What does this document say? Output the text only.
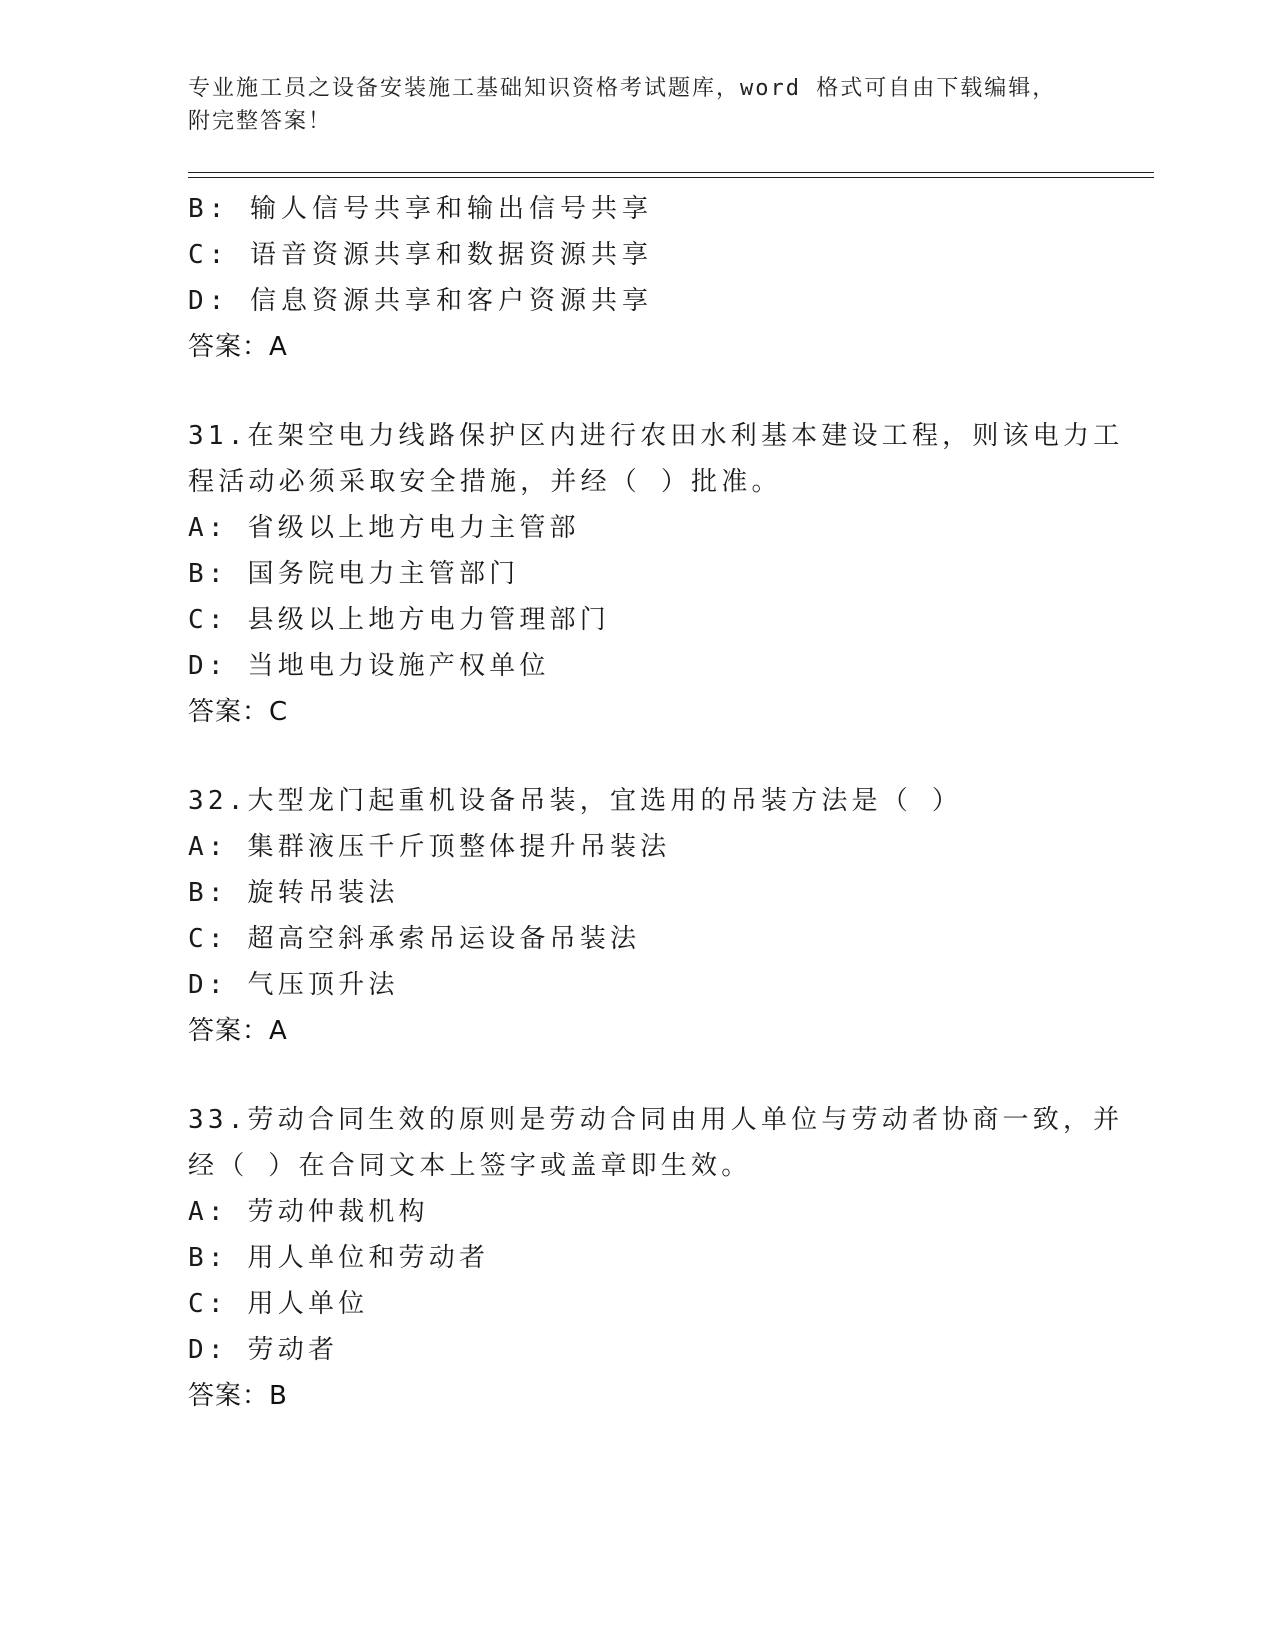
专业施工员之设备安装施工基础知识资格考试题库，word 格式可自由下载编辑，
附完整答案！
B: 输人信号共享和输出信号共享
C: 语音资源共享和数据资源共享
D: 信息资源共享和客户资源共享
答案：A
31.在架空电力线路保护区内进行农田水利基本建设工程，则该电力工
程活动必须采取安全措施，并经（ ）批准。
A: 省级以上地方电力主管部
B: 国务院电力主管部门
C: 县级以上地方电力管理部门
D: 当地电力设施产权单位
答案：C
32.大型龙门起重机设备吊装，宜选用的吊装方法是（ ）
A: 集群液压千斤顶整体提升吊装法
B: 旋转吊装法
C: 超高空斜承索吊运设备吊装法
D: 气压顶升法
答案：A
33.劳动合同生效的原则是劳动合同由用人单位与劳动者协商一致，并
经（ ）在合同文本上签字或盖章即生效。
A: 劳动仲裁机构
B: 用人单位和劳动者
C: 用人单位
D: 劳动者
答案：B
